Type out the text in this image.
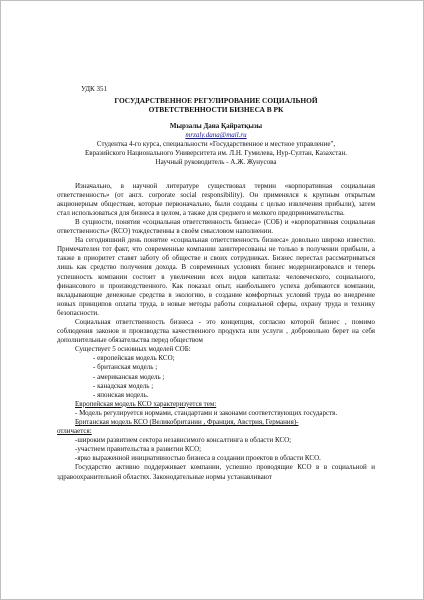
УДК 351
ГОСУДАРСТВЕННОЕ РЕГУЛИРОВАНИЕ СОЦИАЛЬНОЙ
ОТВЕТСТВЕННОСТИ БИЗНЕСА В РК
Мырзалы Дана Қайратқызы
mrzaly.dana@mail.ru
Студентка 4-го курса, специальности «Государственное и местное управление",
Евразийского Национального Университета им. Л.Н. Гумилева, Нур-Султан, Казахстан.
Научный руководитель - А.Ж. Жунусова

Изначально, в научной литературе существовал термин «корпоративная социальная ответственность» (от англ. corporate social responsibility). Он применялся к крупным открытым акционерным обществам, которые первоначально, были созданы с целью извлечения прибыли), затем стал использоваться для бизнеса в целом, а также для среднего и мелкого предпринимательства.

В сущности, понятия «социальная ответственность бизнеса» (СОБ) и «корпоративная социальная ответственность» (КСО) тождественны в своём смысловом наполнении.

На сегодняшний день понятие «социальная ответственность бизнеса» довольно широко известно. Примечателен тот факт, что современные компании заинтересованы не только в получении прибыли, а также в приоритет ставят заботу об обществе и своих сотрудниках. Бизнес перестал рассматриваться лишь как средство получения дохода. В современных условиях бизнес модернизировался и теперь успешность компании состоит в увеличении всех видов капитала: человеческого, социального, финансового и производственного. Как показал опыт, наибольшего успеха добиваются компании, вкладывающие денежные средства в экологию, в создание комфортных условий труда во внедрение новых принципов оплаты труда, в новые методы работы социальной сферы, охрану труда и технику безопасности.

Социальная ответственность бизнеса - это концепция, согласно которой бизнес , помимо соблюдения законов и производства качественного продукта или услуги , добровольно берет на себя дополнительные обязательства перед обществом

Существует 5 основных моделей СОБ:

- европейская модель КСО;

- британская модель ;

- американская модель ;

- канадская модель ;

- японская модель.

Европейская модель КСО характеризуется тем:

- Модель регулируется нормами, стандартами и законами соответствующих государств.

Британская модель КСО (Великобритании , Франция, Австрия, Германия)-

отличается:

-широким развитием сектора независимого консалтинга в области КСО;

-участием правительства в развитии КСО;

-ярко выраженной инициативностью бизнеса в создании проектов в области КСО.

Государство активно поддерживает компании, успешно проводящие КСО в в социальной и здравоохранительной областях. Законодательные нормы устанавливают
